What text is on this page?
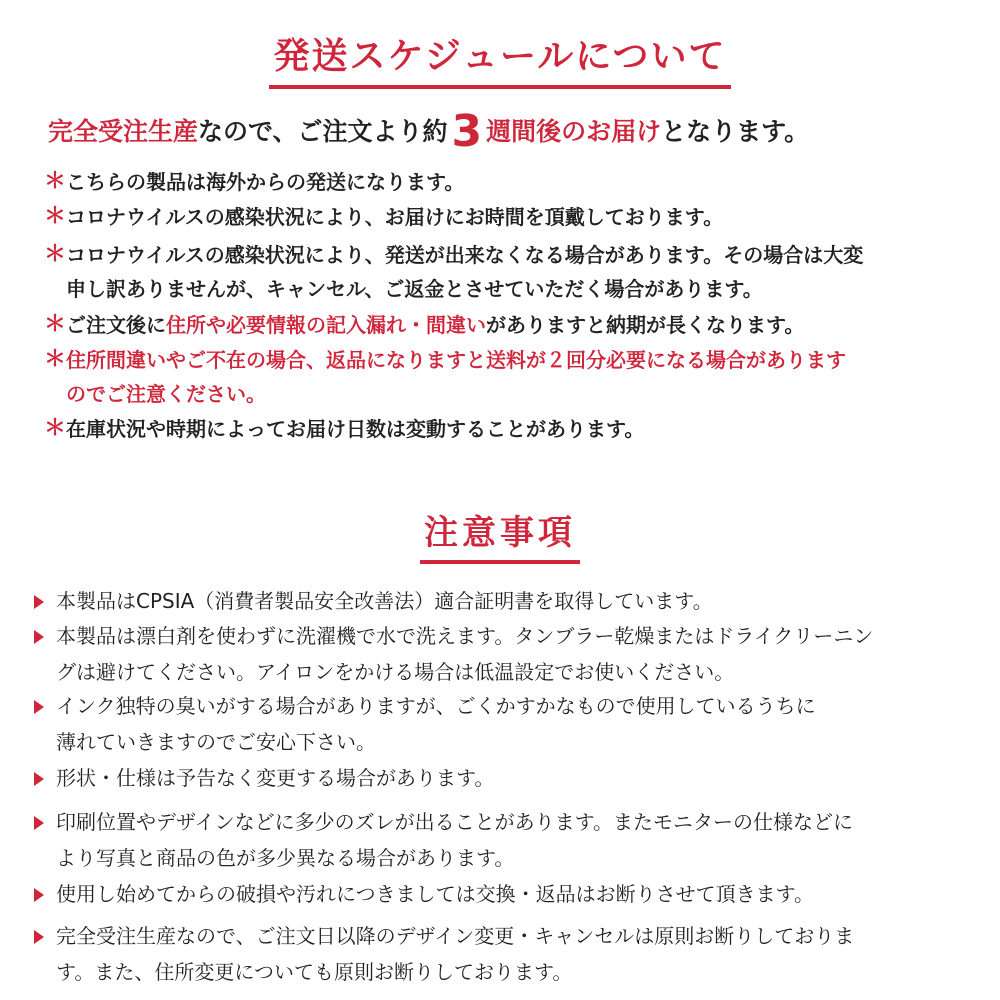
発送スケジュールについて
完全受注生産なので、ご注文より約3 週間後のお届けとなります。
＊ こちらの製品は海外からの発送になります。
＊ コロナウイルスの感染状況により、お届けにお時間を頂戴しております。
＊ コロナウイルスの感染状況により、発送が出来なくなる場合があります。その場合は大変
申し訳ありませんが、キャンセル、ご返金とさせていただく場合があります。
＊ ご注文後に住所や必要情報の記入漏れ・間違いがありますと納期が長くなります。
＊ 住所間違いやご不在の場合、返品になりますと送料が２回分必要になる場合があります
のでご注意ください。
＊ 在庫状況や時期によってお届け日数は変動することがあります。
注意事項
本製品はCPSIA（消費者製品安全改善法）適合証明書を取得しています。
本製品は漂白剤を使わずに洗濯機で水で洗えます。タンブラー乾燥またはドライクリーニン
グは避けてください。アイロンをかける場合は低温設定でお使いください。
インク独特の臭いがする場合がありますが、ごくかすかなもので使用しているうちに
薄れていきますのでご安心下さい。
形状・仕様は予告なく変更する場合があります。
印刷位置やデザインなどに多少のズレが出ることがあります。またモニターの仕様などに
より写真と商品の色が多少異なる場合があります。
使用し始めてからの破損や汚れにつきましては交換・返品はお断りさせて頂きます。
完全受注生産なので、ご注文日以降のデザイン変更・キャンセルは原則お断りしておりま
す。また、住所変更についても原則お断りしております。
